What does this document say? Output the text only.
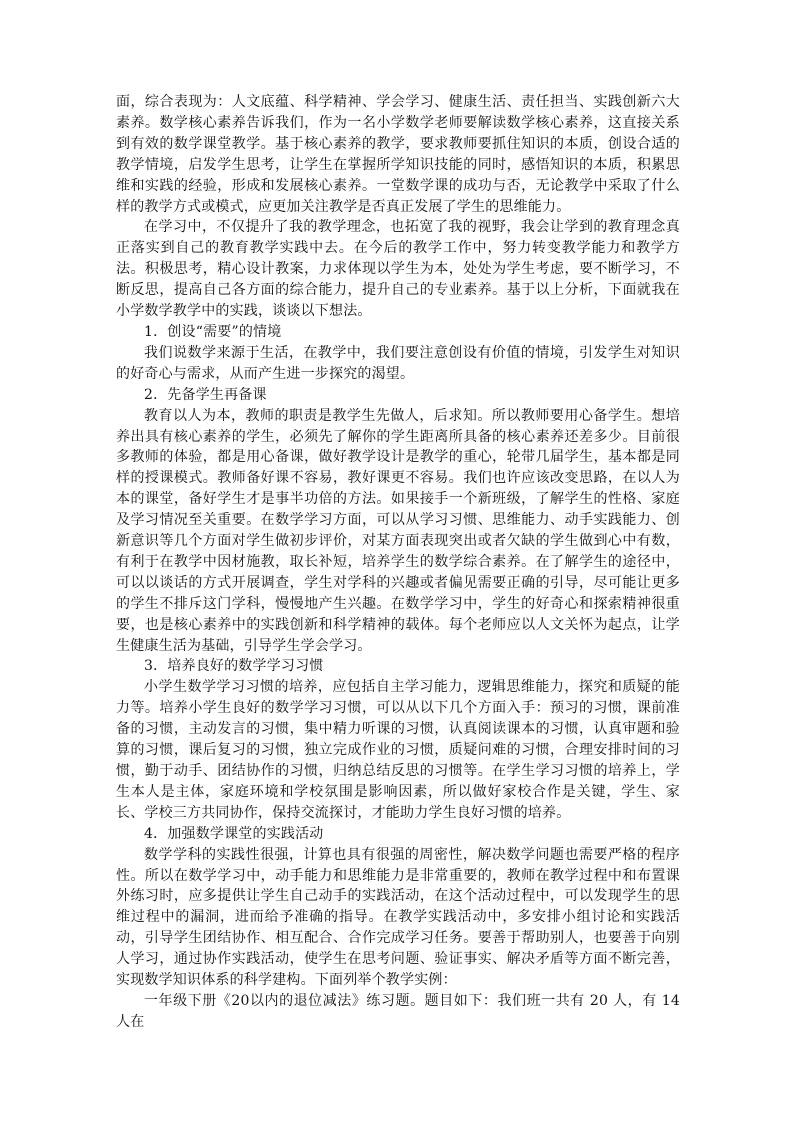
面，综合表现为：人文底蕴、科学精神、学会学习、健康生活、责任担当、实践创新六大素养。数学核心素养告诉我们，作为一名小学数学老师要解读数学核心素养，这直接关系到有效的数学课堂教学。基于核心素养的教学，要求教师要抓住知识的本质，创设合适的教学情境，启发学生思考，让学生在掌握所学知识技能的同时，感悟知识的本质，积累思维和实践的经验，形成和发展核心素养。一堂数学课的成功与否，无论教学中采取了什么样的教学方式或模式，应更加关注教学是否真正发展了学生的思维能力。

在学习中，不仅提升了我的教学理念，也拓宽了我的视野，我会让学到的教育理念真正落实到自己的教育教学实践中去。在今后的教学工作中，努力转变教学能力和教学方法。积极思考，精心设计教案，力求体现以学生为本，处处为学生考虑，要不断学习，不断反思，提高自己各方面的综合能力，提升自己的专业素养。基于以上分析，下面就我在小学数学教学中的实践，谈谈以下想法。

1．创设“需要”的情境

我们说数学来源于生活，在教学中，我们要注意创设有价值的情境，引发学生对知识的好奇心与需求，从而产生进一步探究的渴望。

2．先备学生再备课

教育以人为本，教师的职责是教学生先做人，后求知。所以教师要用心备学生。想培养出具有核心素养的学生，必须先了解你的学生距离所具备的核心素养还差多少。目前很多教师的体验，都是用心备课，做好教学设计是教学的重心，轮带几届学生，基本都是同样的授课模式。教师备好课不容易，教好课更不容易。我们也许应该改变思路，在以人为本的课堂，备好学生才是事半功倍的方法。如果接手一个新班级，了解学生的性格、家庭及学习情况至关重要。在数学学习方面，可以从学习习惯、思维能力、动手实践能力、创新意识等几个方面对学生做初步评价，对某方面表现突出或者欠缺的学生做到心中有数，有利于在教学中因材施教，取长补短，培养学生的数学综合素养。在了解学生的途径中，可以以谈话的方式开展调查，学生对学科的兴趣或者偏见需要正确的引导，尽可能让更多的学生不排斥这门学科，慢慢地产生兴趣。在数学学习中，学生的好奇心和探索精神很重要，也是核心素养中的实践创新和科学精神的载体。每个老师应以人文关怀为起点，让学生健康生活为基础，引导学生学会学习。

3．培养良好的数学学习习惯

小学生数学学习习惯的培养，应包括自主学习能力，逻辑思维能力，探究和质疑的能力等。培养小学生良好的数学学习习惯，可以从以下几个方面入手：预习的习惯，课前准备的习惯，主动发言的习惯，集中精力听课的习惯，认真阅读课本的习惯，认真审题和验算的习惯，课后复习的习惯，独立完成作业的习惯，质疑问难的习惯，合理安排时间的习惯，勤于动手、团结协作的习惯，归纳总结反思的习惯等。在学生学习习惯的培养上，学生本人是主体，家庭环境和学校氛围是影响因素，所以做好家校合作是关键，学生、家长、学校三方共同协作，保持交流探讨，才能助力学生良好习惯的培养。

4．加强数学课堂的实践活动

数学学科的实践性很强，计算也具有很强的周密性，解决数学问题也需要严格的程序性。所以在数学学习中，动手能力和思维能力是非常重要的，教师在教学过程中和布置课外练习时，应多提供让学生自己动手的实践活动，在这个活动过程中，可以发现学生的思维过程中的漏洞，进而给予准确的指导。在教学实践活动中，多安排小组讨论和实践活动，引导学生团结协作、相互配合、合作完成学习任务。要善于帮助别人，也要善于向别人学习，通过协作实践活动，使学生在思考问题、验证事实、解决矛盾等方面不断完善，实现数学知识体系的科学建构。下面列举个教学实例：

一年级下册《20以内的退位减法》练习题。题目如下：我们班一共有 20 人，有 14 人在
